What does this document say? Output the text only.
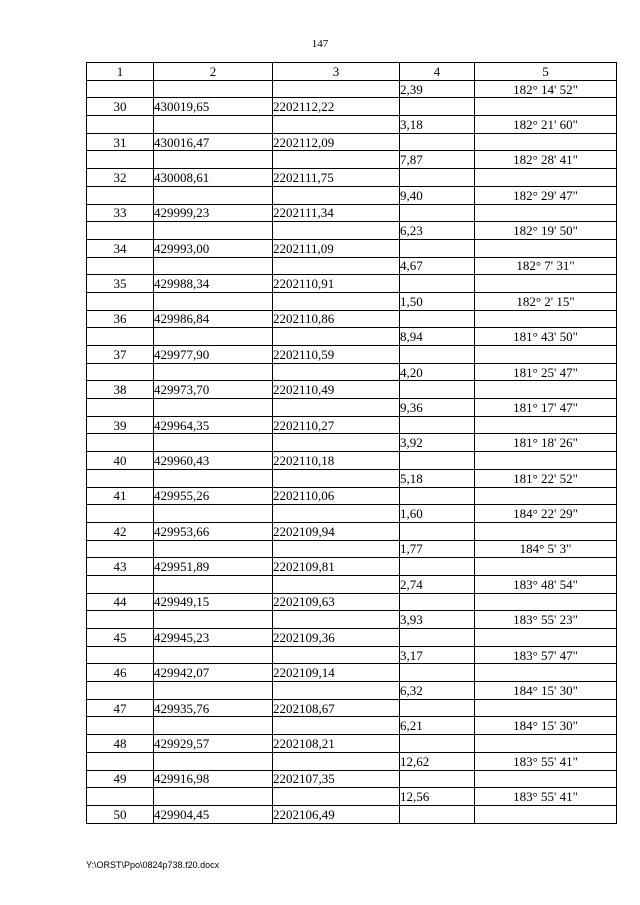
147
1	2	3	4	5
			2,39	182° 14' 52"
30	430019,65	2202112,22		
			3,18	182° 21' 60"
31	430016,47	2202112,09		
			7,87	182° 28' 41"
32	430008,61	2202111,75		
			9,40	182° 29' 47"
33	429999,23	2202111,34		
			6,23	182° 19' 50"
34	429993,00	2202111,09		
			4,67	182° 7' 31"
35	429988,34	2202110,91		
			1,50	182° 2' 15"
36	429986,84	2202110,86		
			8,94	181° 43' 50"
37	429977,90	2202110,59		
			4,20	181° 25' 47"
38	429973,70	2202110,49		
			9,36	181° 17' 47"
39	429964,35	2202110,27		
			3,92	181° 18' 26"
40	429960,43	2202110,18		
			5,18	181° 22' 52"
41	429955,26	2202110,06		
			1,60	184° 22' 29"
42	429953,66	2202109,94		
			1,77	184° 5' 3"
43	429951,89	2202109,81		
			2,74	183° 48' 54"
44	429949,15	2202109,63		
			3,93	183° 55' 23"
45	429945,23	2202109,36		
			3,17	183° 57' 47"
46	429942,07	2202109,14		
			6,32	184° 15' 30"
47	429935,76	2202108,67		
			6,21	184° 15' 30"
48	429929,57	2202108,21		
			12,62	183° 55' 41"
49	429916,98	2202107,35		
			12,56	183° 55' 41"
50	429904,45	2202106,49		
Y:\ORST\Ppo\0824p738.f20.docx
